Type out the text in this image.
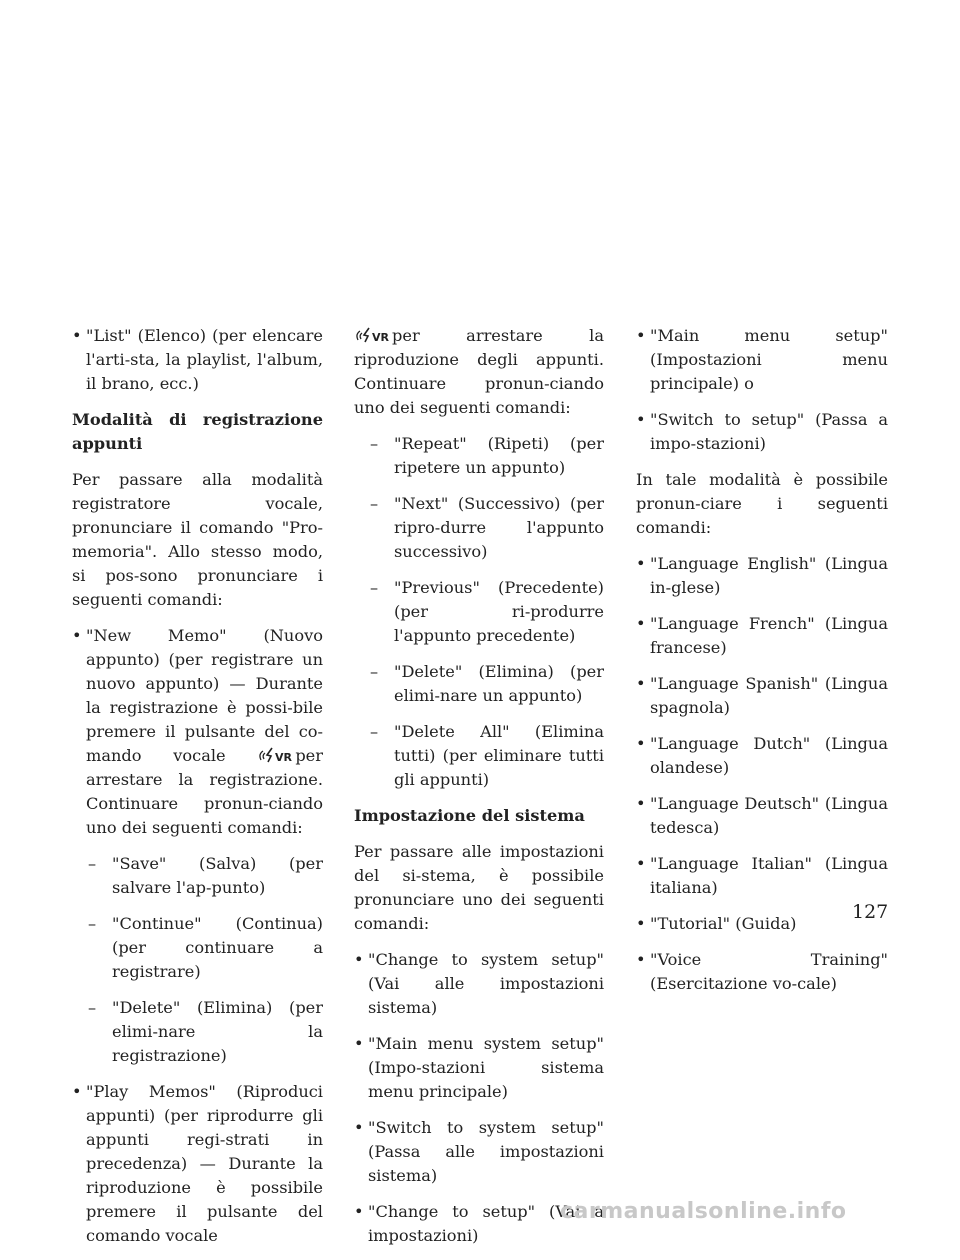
• "List" (Elenco) (per elencare l'arti-sta, la playlist, l'album, il brano, ecc.)

Modalità di registrazione appunti

Per passare alla modalità registratore vocale, pronunciare il comando "Pro-memoria". Allo stesso modo, si pos-sono pronunciare i seguenti comandi:

• "New Memo" (Nuovo appunto) (per registrare un nuovo appunto) — Durante la registrazione è possi-bile premere il pulsante del co-mando vocale	VR per arrestare la registrazione. Continuare pronun-ciando uno dei seguenti comandi:
– "Save" (Salva) (per salvare l'ap-punto)
– "Continue" (Continua) (per continuare a registrare)
– "Delete" (Elimina) (per elimi-nare la registrazione)
• "Play Memos" (Riproduci appunti) (per riprodurre gli appunti regi-strati in precedenza) — Durante la riproduzione è possibile premere il pulsante del comando vocale

VR per arrestare la riproduzione degli appunti. Continuare pronun-ciando uno dei seguenti comandi:

– "Repeat" (Ripeti) (per ripetere un appunto)
– "Next" (Successivo) (per ripro-durre l'appunto successivo)
– "Previous" (Precedente) (per ri-produrre l'appunto precedente)
– "Delete" (Elimina) (per elimi-nare un appunto)
– "Delete All" (Elimina tutti) (per eliminare tutti gli appunti)

Impostazione del sistema

Per passare alle impostazioni del si-stema, è possibile pronunciare uno dei seguenti comandi:

• "Change to system setup" (Vai alle impostazioni sistema)
• "Main menu system setup" (Impo-stazioni sistema menu principale)
• "Switch to system setup" (Passa alle impostazioni sistema)
• "Change to setup" (Vai a impostazioni)
• "Main menu setup" (Impostazioni menu principale) o
• "Switch to setup" (Passa a impo-stazioni)

In tale modalità è possibile pronun-ciare i seguenti comandi:

• "Language English" (Lingua in-glese)
• "Language French" (Lingua francese)
• "Language Spanish" (Lingua spagnola)
• "Language Dutch" (Lingua olandese)
• "Language Deutsch" (Lingua tedesca)
• "Language Italian" (Lingua italiana)
• "Tutorial" (Guida)
• "Voice Training" (Esercitazione vo-cale)
127
carmanualsonline.info
